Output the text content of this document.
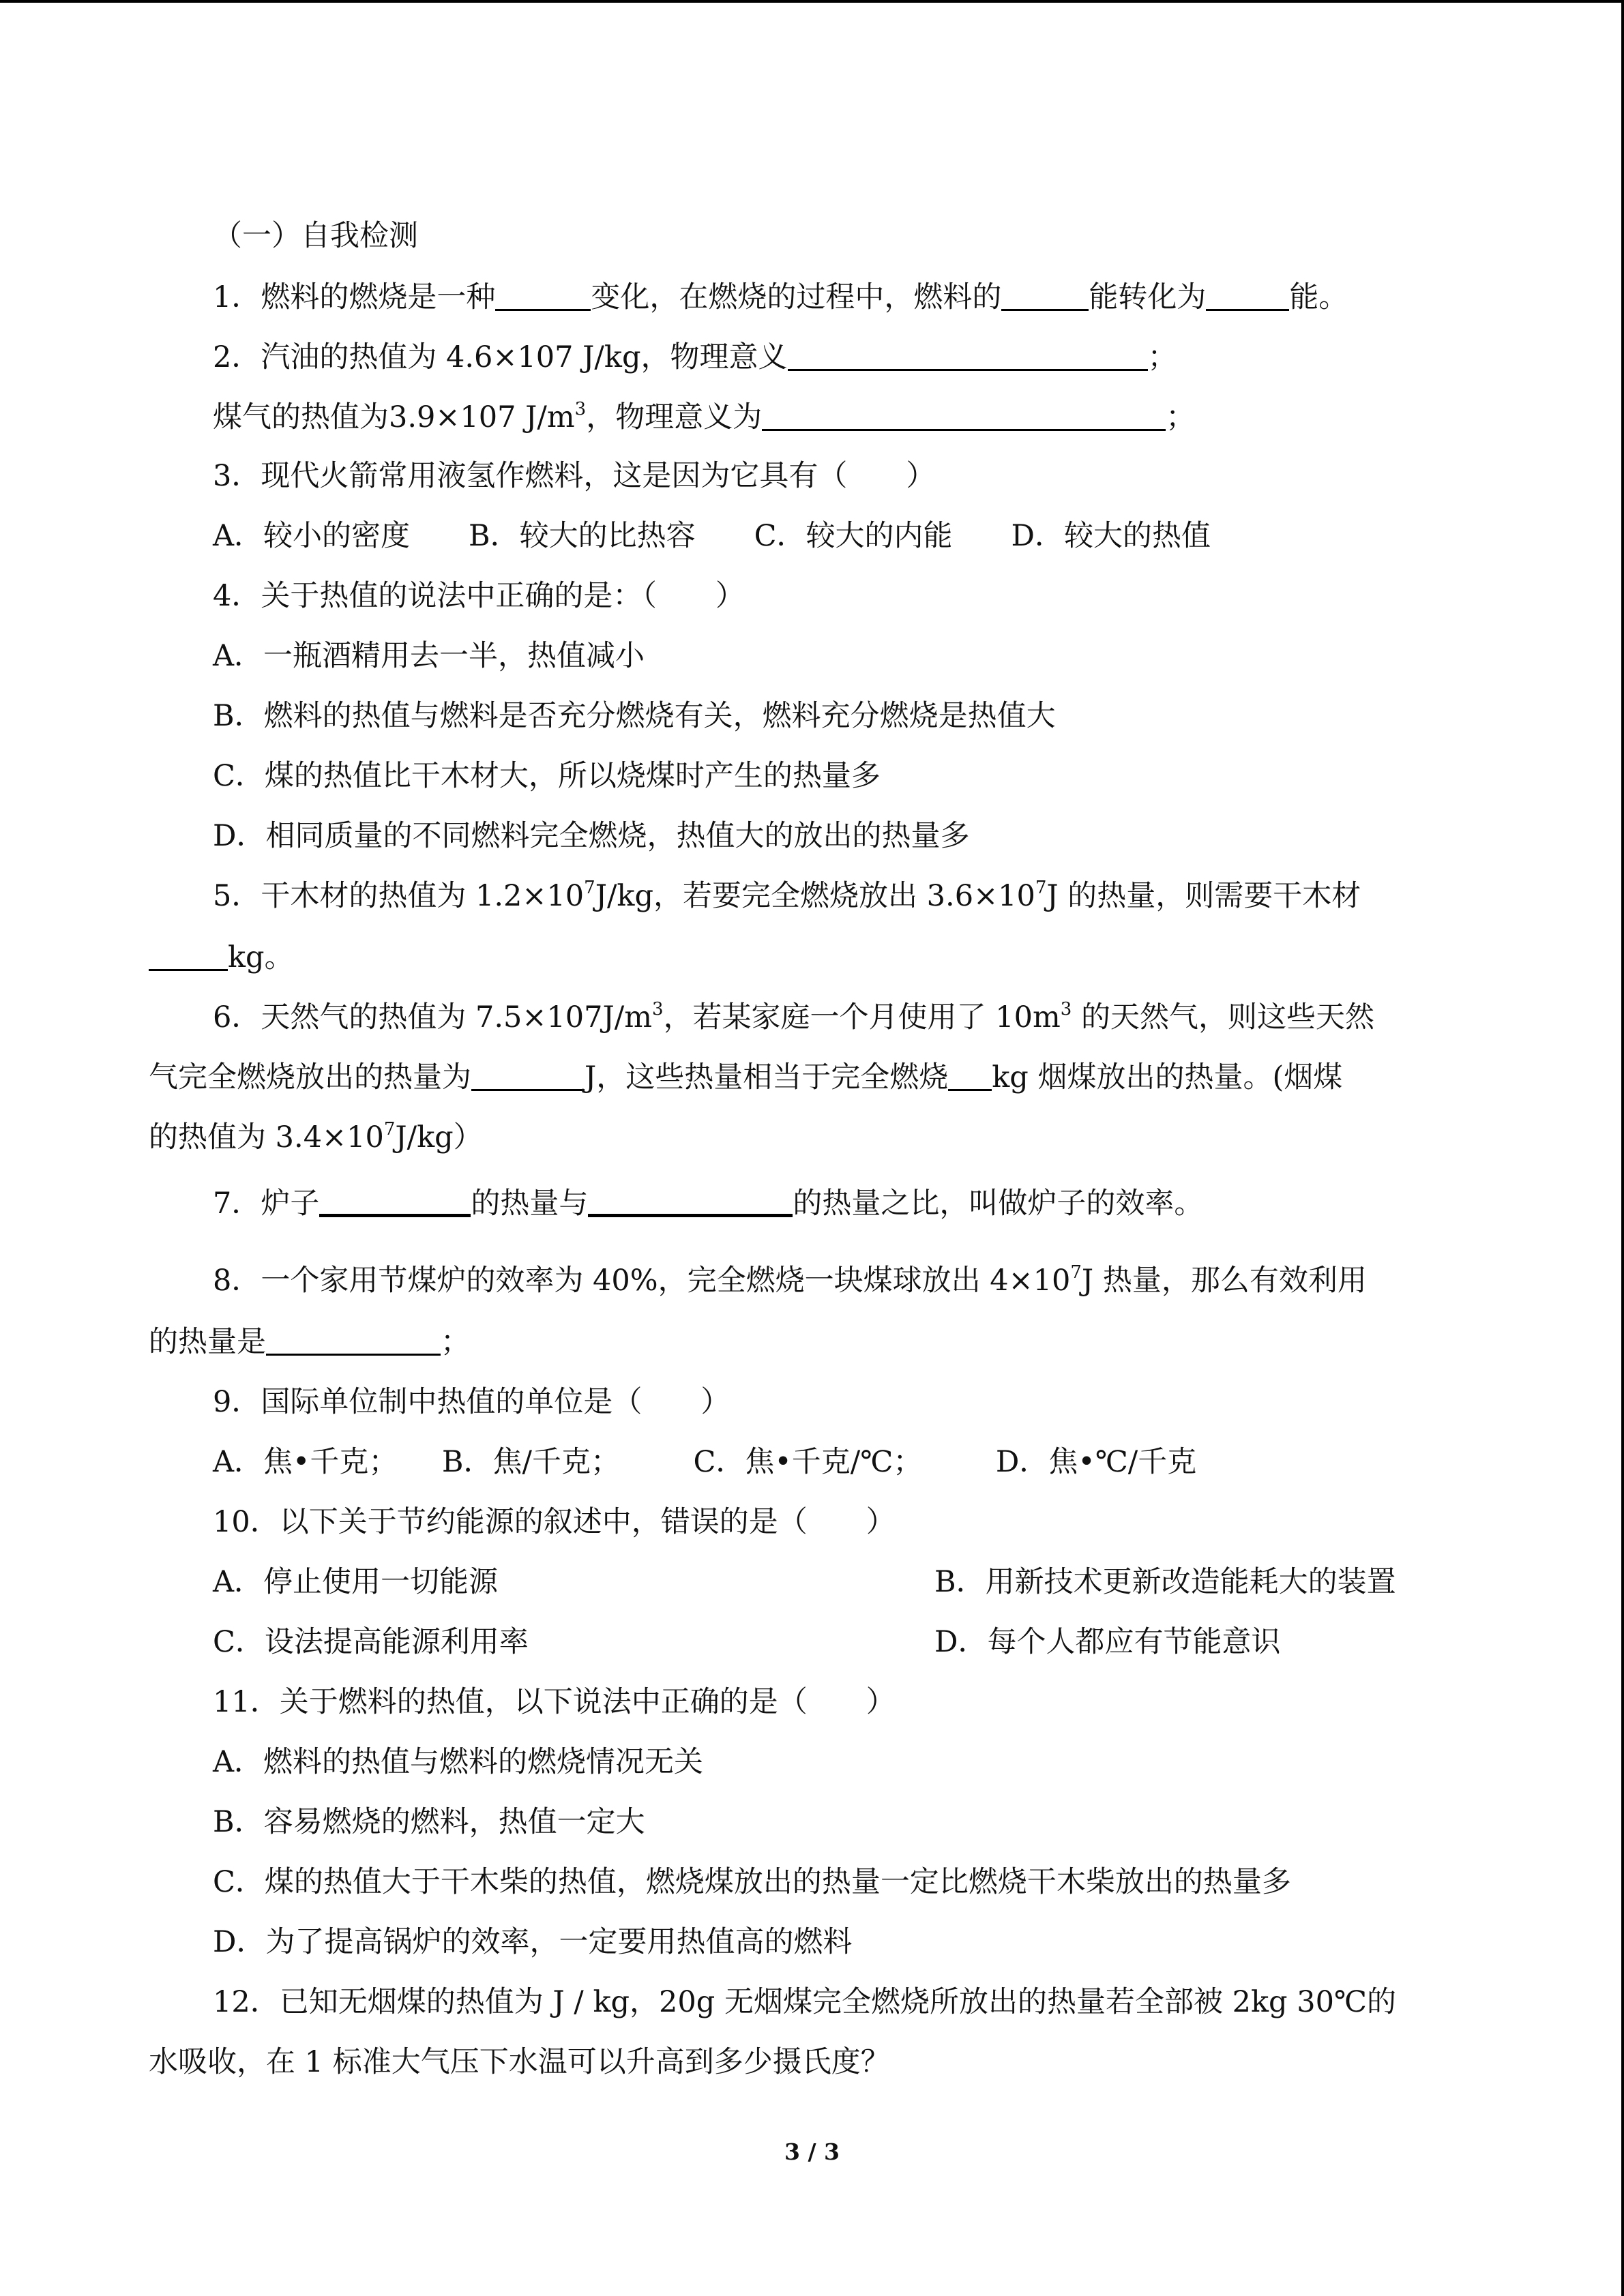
（一）自我检测
1．燃料的燃烧是一种	变化，在燃烧的过程中，燃料的	能转化为	能。
2．汽油的热值为 4.6×107 J/kg，物理意义	；
煤气的热值为3.9×107 $J/m^3$，物理意义为	；
3．现代火箭常用液氢作燃料，这是因为它具有（　　）
A．较小的密度　　B．较大的比热容　　C．较大的内能　　D．较大的热值
4．关于热值的说法中正确的是：（　　）
A．一瓶酒精用去一半，热值减小
B．燃料的热值与燃料是否充分燃烧有关，燃料充分燃烧是热值大
C．煤的热值比干木材大，所以烧煤时产生的热量多
D．相同质量的不同燃料完全燃烧，热值大的放出的热量多
5．干木材的热值为 $1.2\times 10^7J/kg$，若要完全燃烧放出 $3.6\times 10^7J$ 的热量，则需要干木材
kg。
6．天然气的热值为 $7.5\times 107J/m^3$，若某家庭一个月使用了 $10m^3$ 的天然气，则这些天然
气完全燃烧放出的热量为	J，这些热量相当于完全燃烧 kg 烟煤放出的热量。(烟煤
的热值为 $3.4\times 10^7J/kg$）
7．炉子	的热量与	的热量之比，叫做炉子的效率。
8．一个家用节煤炉的效率为 40%，完全燃烧一块煤球放出 $4\times 10^7J$ 热量，那么有效利用
的热量是	；
9．国际单位制中热值的单位是（　　）
A．焦•千克；　　B．焦/千克；　　　C．焦•千克/℃；　　　D．焦•℃/千克
10．以下关于节约能源的叙述中，错误的是（　　）
A．停止使用一切能源	B．用新技术更新改造能耗大的装置
C．设法提高能源利用率	D．每个人都应有节能意识
11．关于燃料的热值，以下说法中正确的是（　　）
A．燃料的热值与燃料的燃烧情况无关
B．容易燃烧的燃料，热值一定大
C．煤的热值大于干木柴的热值，燃烧煤放出的热量一定比燃烧干木柴放出的热量多
D．为了提高锅炉的效率，一定要用热值高的燃料
12．已知无烟煤的热值为 J / kg，20g 无烟煤完全燃烧所放出的热量若全部被 2kg 30℃的
水吸收，在 1 标准大气压下水温可以升高到多少摄氏度？
3 / 3
